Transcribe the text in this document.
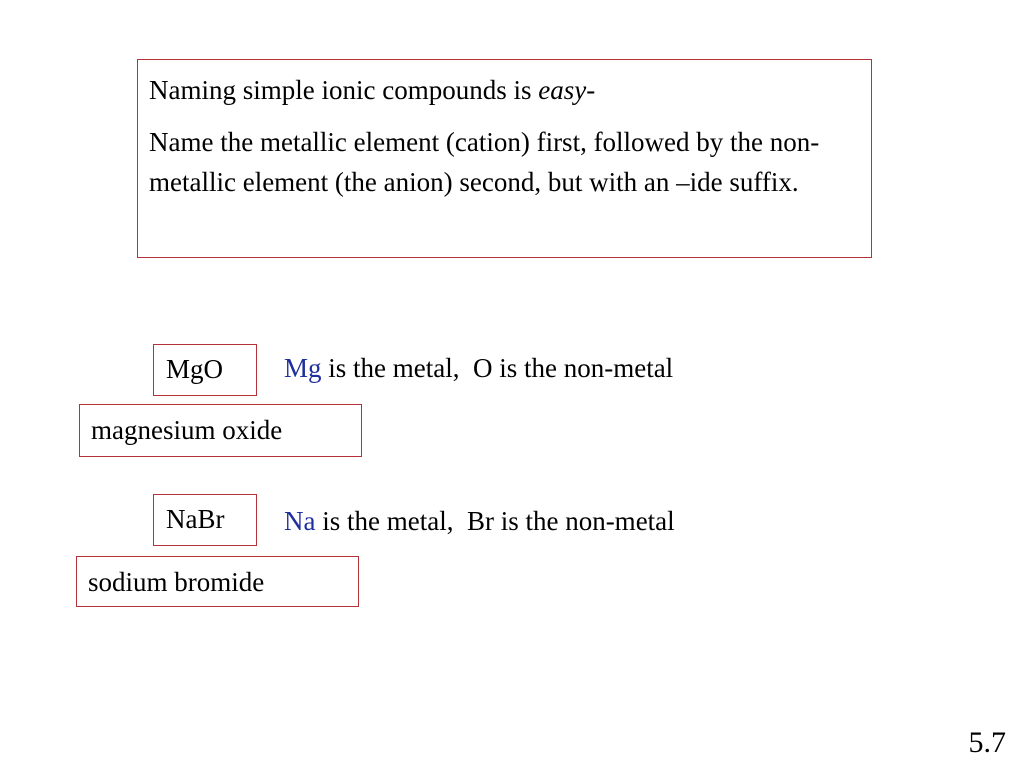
Naming simple ionic compounds is easy-

Name the metallic element (cation) first, followed by the non-metallic element (the anion) second, but with an –ide suffix.

MgO	Mg is the metal,  O is the non-metal
magnesium oxide
NaBr	Na is the metal,  Br is the non-metal
sodium bromide
5.7
